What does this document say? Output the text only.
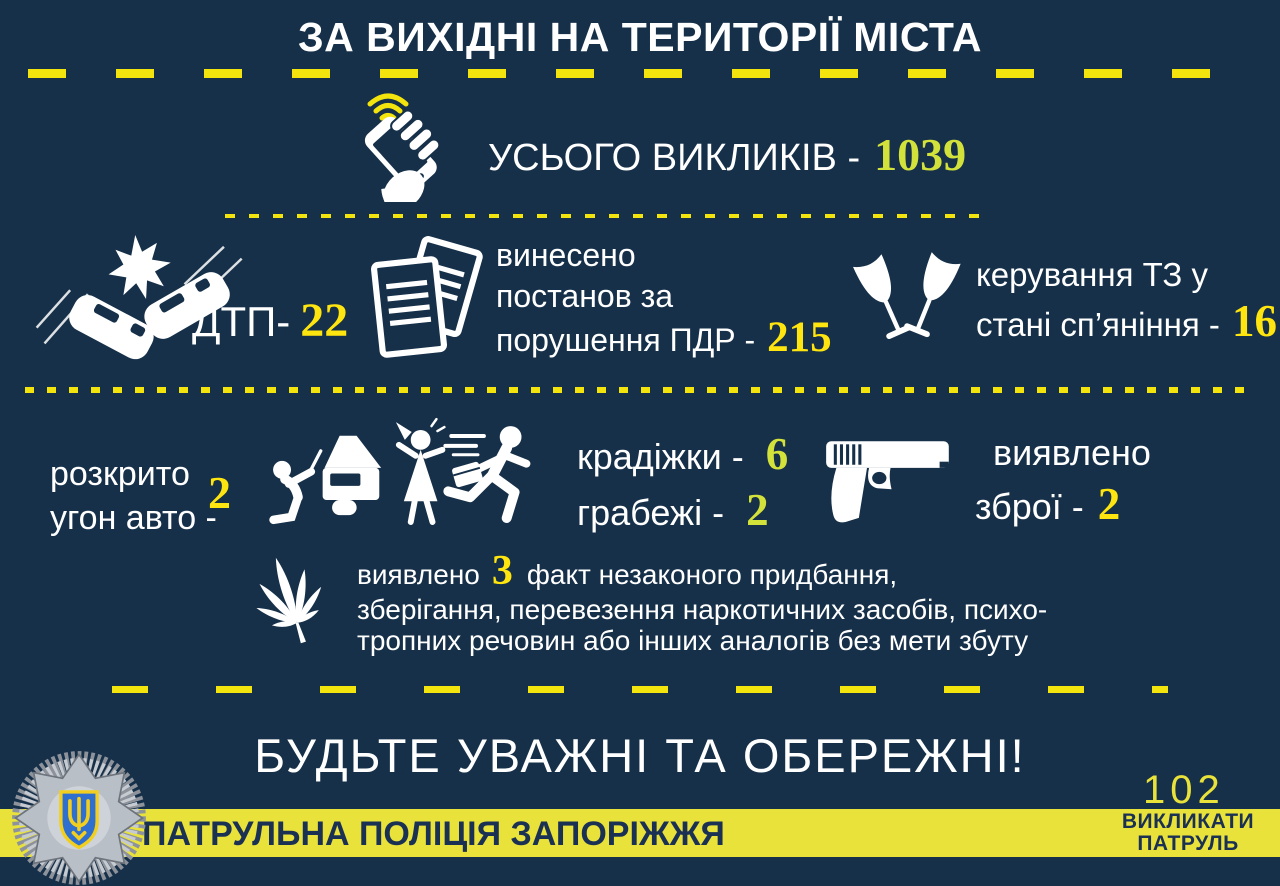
ЗА ВИХІДНІ НА ТЕРИТОРІЇ МІСТА
УСЬОГО ВИКЛИКІВ - 1039
ДТП- 22
винесено
постанов за
порушення ПДР - 215
керування ТЗ у
стані сп’яніння - 16
розкрито
угон авто -
2
крадіжки - 6
грабежі - 2
виявлено
зброї - 2
виявлено 3 факт незаконого придбання,
зберігання, перевезення наркотичних засобів, психо-
тропних речовин або інших аналогів без мети збуту
БУДЬТЕ УВАЖНІ ТА ОБЕРЕЖНІ!
ПАТРУЛЬНА ПОЛІЦІЯ ЗАПОРІЖЖЯ
102
ВИКЛИКАТИ
ПАТРУЛЬ
